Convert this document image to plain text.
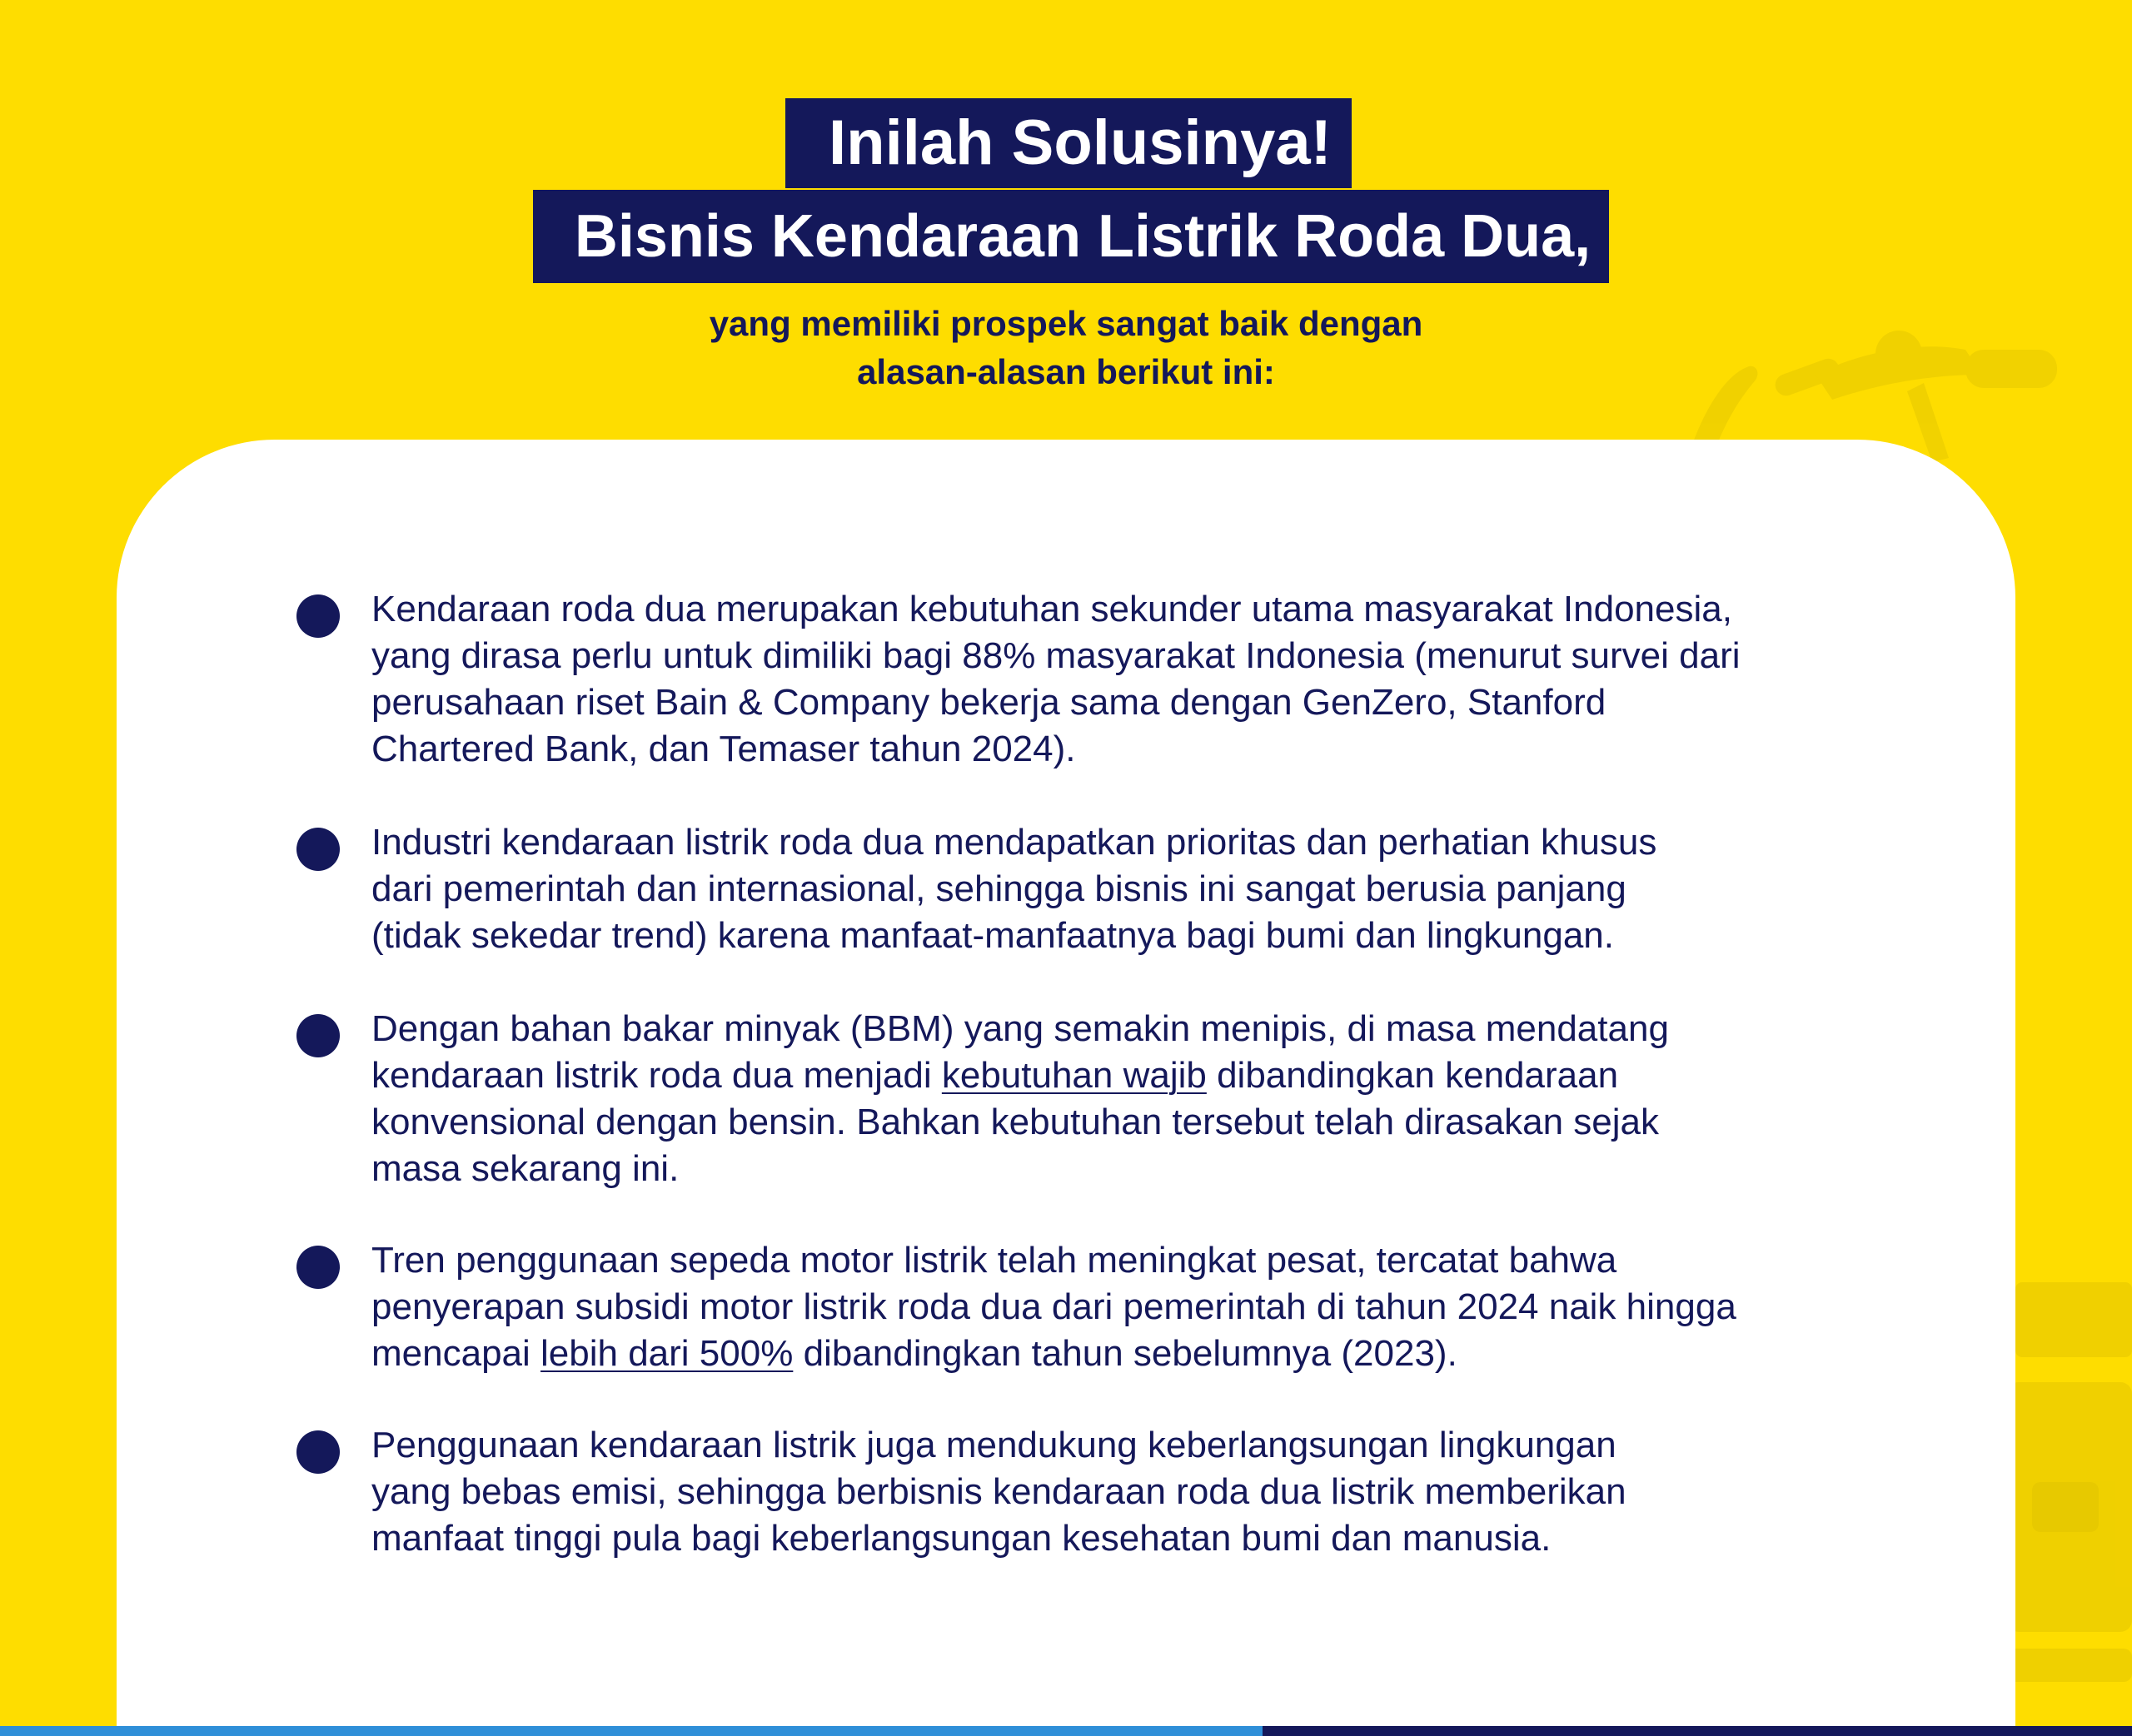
Inilah Solusinya!
Bisnis Kendaraan Listrik Roda Dua,
yang memiliki prospek sangat baik dengan
alasan-alasan berikut ini:

Kendaraan roda dua merupakan kebutuhan sekunder utama masyarakat Indonesia,
yang dirasa perlu untuk dimiliki bagi 88% masyarakat Indonesia (menurut survei dari
perusahaan riset Bain & Company bekerja sama dengan GenZero, Stanford
Chartered Bank, dan Temaser tahun 2024).

Industri kendaraan listrik roda dua mendapatkan prioritas dan perhatian khusus
dari pemerintah dan internasional, sehingga bisnis ini sangat berusia panjang
(tidak sekedar trend) karena manfaat-manfaatnya bagi bumi dan lingkungan.

Dengan bahan bakar minyak (BBM) yang semakin menipis, di masa mendatang
kendaraan listrik roda dua menjadi kebutuhan wajib dibandingkan kendaraan
konvensional dengan bensin. Bahkan kebutuhan tersebut telah dirasakan sejak
masa sekarang ini.

Tren penggunaan sepeda motor listrik telah meningkat pesat, tercatat bahwa
penyerapan subsidi motor listrik roda dua dari pemerintah di tahun 2024 naik hingga
mencapai lebih dari 500% dibandingkan tahun sebelumnya (2023).

Penggunaan kendaraan listrik juga mendukung keberlangsungan lingkungan
yang bebas emisi, sehingga berbisnis kendaraan roda dua listrik memberikan
manfaat tinggi pula bagi keberlangsungan kesehatan bumi dan manusia.
